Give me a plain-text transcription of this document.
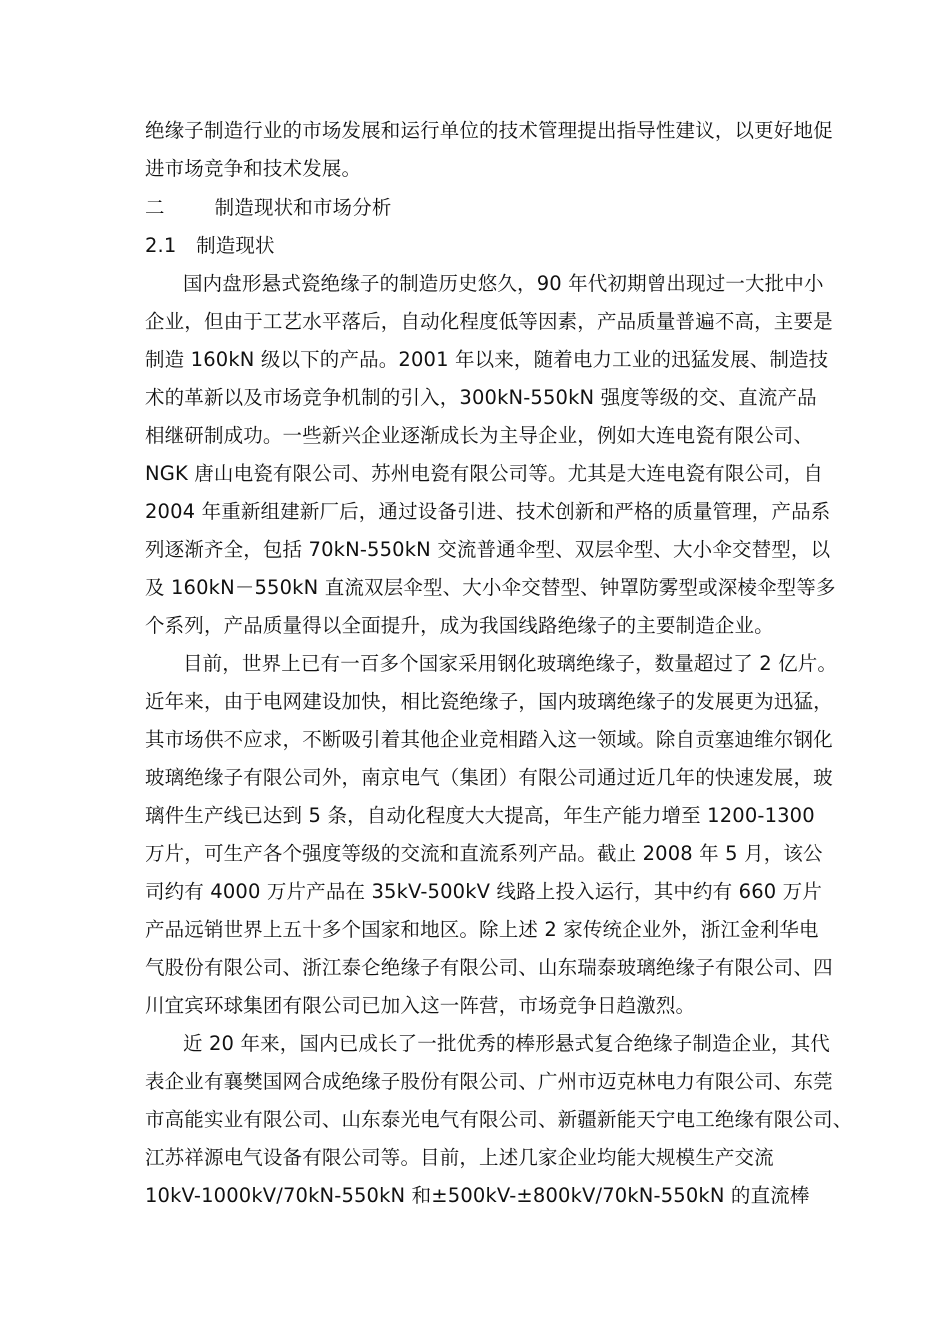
绝缘子制造行业的市场发展和运行单位的技术管理提出指导性建议，以更好地促
进市场竞争和技术发展。
二　 制造现状和市场分析
2.1　制造现状
国内盘形悬式瓷绝缘子的制造历史悠久，90 年代初期曾出现过一大批中小
企业，但由于工艺水平落后，自动化程度低等因素，产品质量普遍不高，主要是
制造 160kN 级以下的产品。2001 年以来，随着电力工业的迅猛发展、制造技
术的革新以及市场竞争机制的引入，300kN-550kN 强度等级的交、直流产品
相继研制成功。一些新兴企业逐渐成长为主导企业，例如大连电瓷有限公司、
NGK 唐山电瓷有限公司、苏州电瓷有限公司等。尤其是大连电瓷有限公司，自
2004 年重新组建新厂后，通过设备引进、技术创新和严格的质量管理，产品系
列逐渐齐全，包括 70kN-550kN 交流普通伞型、双层伞型、大小伞交替型，以
及 160kN－550kN 直流双层伞型、大小伞交替型、钟罩防雾型或深棱伞型等多
个系列，产品质量得以全面提升，成为我国线路绝缘子的主要制造企业。
目前，世界上已有一百多个国家采用钢化玻璃绝缘子，数量超过了 2 亿片。
近年来，由于电网建设加快，相比瓷绝缘子，国内玻璃绝缘子的发展更为迅猛，
其市场供不应求，不断吸引着其他企业竞相踏入这一领域。除自贡塞迪维尔钢化
玻璃绝缘子有限公司外，南京电气（集团）有限公司通过近几年的快速发展，玻
璃件生产线已达到 5 条，自动化程度大大提高，年生产能力增至 1200-1300
万片，可生产各个强度等级的交流和直流系列产品。截止 2008 年 5 月，该公
司约有 4000 万片产品在 35kV-500kV 线路上投入运行，其中约有 660 万片
产品远销世界上五十多个国家和地区。除上述 2 家传统企业外，浙江金利华电
气股份有限公司、浙江泰仑绝缘子有限公司、山东瑞泰玻璃绝缘子有限公司、四
川宜宾环球集团有限公司已加入这一阵营，市场竞争日趋激烈。
近 20 年来，国内已成长了一批优秀的棒形悬式复合绝缘子制造企业，其代
表企业有襄樊国网合成绝缘子股份有限公司、广州市迈克林电力有限公司、东莞
市高能实业有限公司、山东泰光电气有限公司、新疆新能天宁电工绝缘有限公司、
江苏祥源电气设备有限公司等。目前，上述几家企业均能大规模生产交流
10kV-1000kV/70kN-550kN 和±500kV-±800kV/70kN-550kN 的直流棒
